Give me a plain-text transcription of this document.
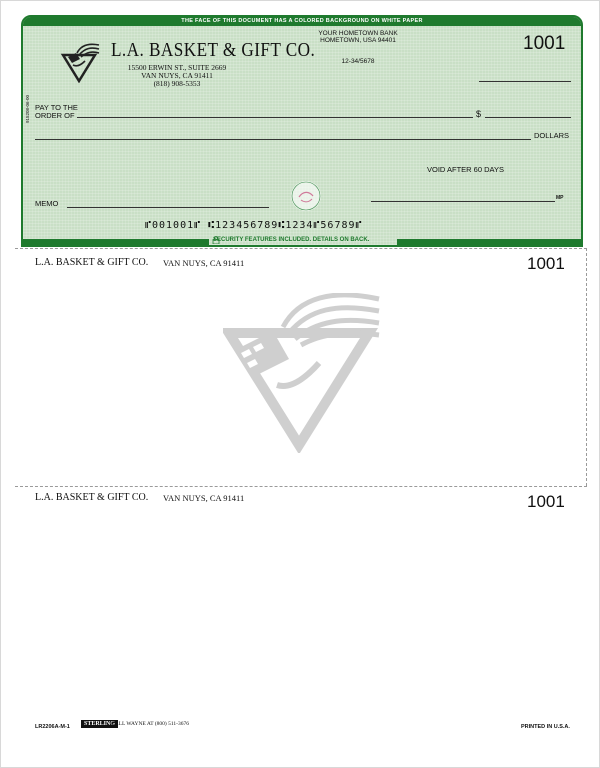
THE FACE OF THIS DOCUMENT HAS A COLORED BACKGROUND ON WHITE PAPER
L.A. BASKET & GIFT CO.
15500 ERWIN ST., SUITE 2669
VAN NUYS, CA 91411
(818) 908-5353
YOUR HOMETOWN BANK
HOMETOWN, USA 94401
12-34/5678
1001
915208-06-00 PAY TO THE
ORDER OF	$
DOLLARS
VOID AFTER 60 DAYS
MEMO
MP
⑈001001⑈ ⑆123456789⑆1234⑈56789⑈
SECURITY FEATURES INCLUDED. DETAILS ON BACK.
L.A. BASKET & GIFT CO. VAN NUYS, CA 91411	1001
L.A. BASKET & GIFT CO. VAN NUYS, CA 91411	1001
LR2206A-M-1	STERLING
CALL WAYNE AT (800) 511-3676	PRINTED IN U.S.A.
